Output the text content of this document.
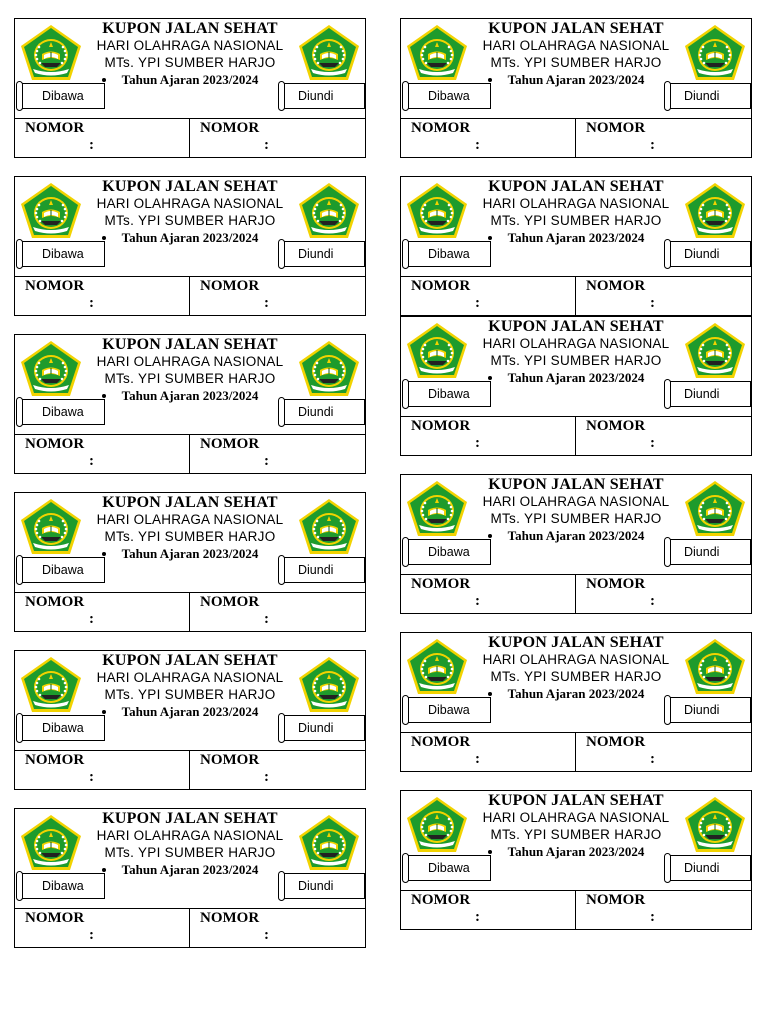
KUPON JALAN SEHAT
HARI OLAHRAGA NASIONAL
MTs. YPI SUMBER HARJO
Tahun Ajaran 2023/2024
Dibawa	Diundi
NOMOR
:
NOMOR
:
KUPON JALAN SEHAT
HARI OLAHRAGA NASIONAL
MTs. YPI SUMBER HARJO
Tahun Ajaran 2023/2024
Dibawa	Diundi
NOMOR
:
NOMOR
:
KUPON JALAN SEHAT
HARI OLAHRAGA NASIONAL
MTs. YPI SUMBER HARJO
Tahun Ajaran 2023/2024
Dibawa	Diundi
NOMOR
:
NOMOR
:
KUPON JALAN SEHAT
HARI OLAHRAGA NASIONAL
MTs. YPI SUMBER HARJO
Tahun Ajaran 2023/2024
Dibawa	Diundi
NOMOR
:
NOMOR
:
KUPON JALAN SEHAT
HARI OLAHRAGA NASIONAL
MTs. YPI SUMBER HARJO
Tahun Ajaran 2023/2024
Dibawa	Diundi
NOMOR
:
NOMOR
:
KUPON JALAN SEHAT
HARI OLAHRAGA NASIONAL
MTs. YPI SUMBER HARJO
Tahun Ajaran 2023/2024
Dibawa	Diundi
NOMOR
:
NOMOR
:
KUPON JALAN SEHAT
HARI OLAHRAGA NASIONAL
MTs. YPI SUMBER HARJO
Tahun Ajaran 2023/2024
Dibawa	Diundi
NOMOR
:
NOMOR
:
KUPON JALAN SEHAT
HARI OLAHRAGA NASIONAL
MTs. YPI SUMBER HARJO
Tahun Ajaran 2023/2024
Dibawa	Diundi
NOMOR
:
NOMOR
:
KUPON JALAN SEHAT
HARI OLAHRAGA NASIONAL
MTs. YPI SUMBER HARJO
Tahun Ajaran 2023/2024
Dibawa	Diundi
NOMOR
:
NOMOR
:
KUPON JALAN SEHAT
HARI OLAHRAGA NASIONAL
MTs. YPI SUMBER HARJO
Tahun Ajaran 2023/2024
Dibawa	Diundi
NOMOR
:
NOMOR
:
KUPON JALAN SEHAT
HARI OLAHRAGA NASIONAL
MTs. YPI SUMBER HARJO
Tahun Ajaran 2023/2024
Dibawa	Diundi
NOMOR
:
NOMOR
:
KUPON JALAN SEHAT
HARI OLAHRAGA NASIONAL
MTs. YPI SUMBER HARJO
Tahun Ajaran 2023/2024
Dibawa	Diundi
NOMOR
:
NOMOR
:
